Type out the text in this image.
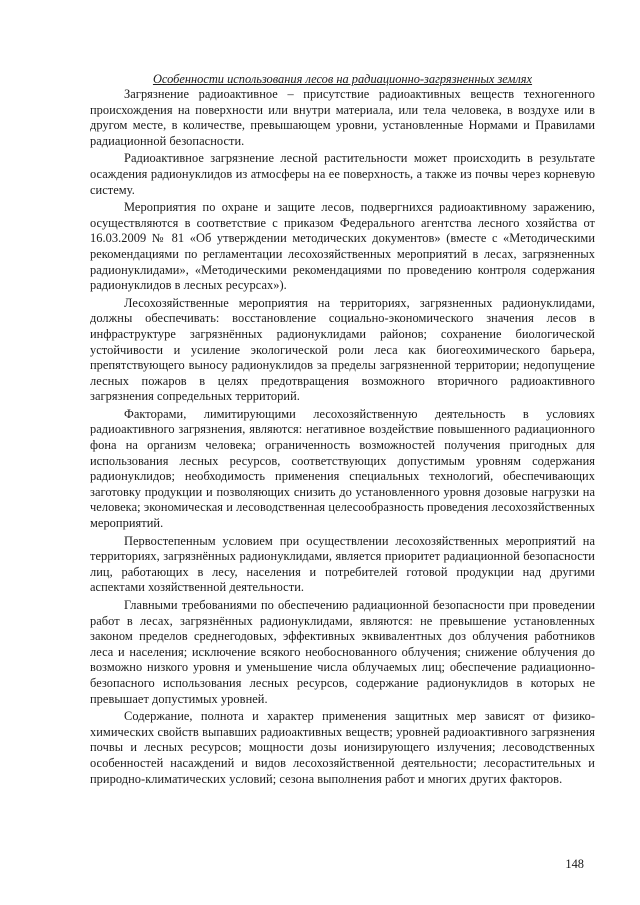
Особенности использования лесов на радиационно-загрязненных землях

Загрязнение радиоактивное – присутствие радиоактивных веществ техногенного происхождения на поверхности или внутри материала, или тела человека, в воздухе или в другом месте, в количестве, превышающем уровни, установленные Нормами и Правилами радиационной безопасности.

Радиоактивное загрязнение лесной растительности может происходить в результате осаждения радионуклидов из атмосферы на ее поверхность, а также из почвы через корневую систему.

Мероприятия по охране и защите лесов, подвергнихся радиоактивному заражению, осуществляются в соответствие с приказом Федерального агентства лесного хозяйства от 16.03.2009 № 81 «Об утверждении методических документов» (вместе с «Методическими рекомендациями по регламентации лесохозяйственных мероприятий в лесах, загрязненных радионуклидами», «Методическими рекомендациями по проведению контроля содержания радионуклидов в лесных ресурсах»).

Лесохозяйственные мероприятия на территориях, загрязненных радионуклидами, должны обеспечивать: восстановление социально-экономического значения лесов в инфраструктуре загрязнённых радионуклидами районов; сохранение биологической устойчивости и усиление экологической роли леса как биогеохимического барьера, препятствующего выносу радионуклидов за пределы загрязненной территории; недопущение лесных пожаров в целях предотвращения возможного вторичного радиоактивного загрязнения сопредельных территорий.

Факторами, лимитирующими лесохозяйственную деятельность в условиях радиоактивного загрязнения, являются: негативное воздействие повышенного радиационного фона на организм человека; ограниченность возможностей получения пригодных для использования лесных ресурсов, соответствующих допустимым уровням содержания радионуклидов; необходимость применения специальных технологий, обеспечивающих заготовку продукции и позволяющих снизить до установленного уровня дозовые нагрузки на человека; экономическая и лесоводственная целесообразность проведения лесохозяйственных мероприятий.

Первостепенным условием при осуществлении лесохозяйственных мероприятий на территориях, загрязнённых радионуклидами, является приоритет радиационной безопасности лиц, работающих в лесу, населения и потребителей готовой продукции над другими аспектами хозяйственной деятельности.

Главными требованиями по обеспечению радиационной безопасности при проведении работ в лесах, загрязнённых радионуклидами, являются: не превышение установленных законом пределов среднегодовых, эффективных эквивалентных доз облучения работников леса и населения; исключение всякого необоснованного облучения; снижение облучения до возможно низкого уровня и уменьшение числа облучаемых лиц; обеспечение радиационно-безопасного использования лесных ресурсов, содержание радионуклидов в которых не превышает допустимых уровней.

Содержание, полнота и характер применения защитных мер зависят от физико-химических свойств выпавших радиоактивных веществ; уровней радиоактивного загрязнения почвы и лесных ресурсов; мощности дозы ионизирующего излучения; лесоводственных особенностей насаждений и видов лесохозяйственной деятельности; лесорастительных и природно-климатических условий; сезона выполнения работ и многих других факторов.

148
